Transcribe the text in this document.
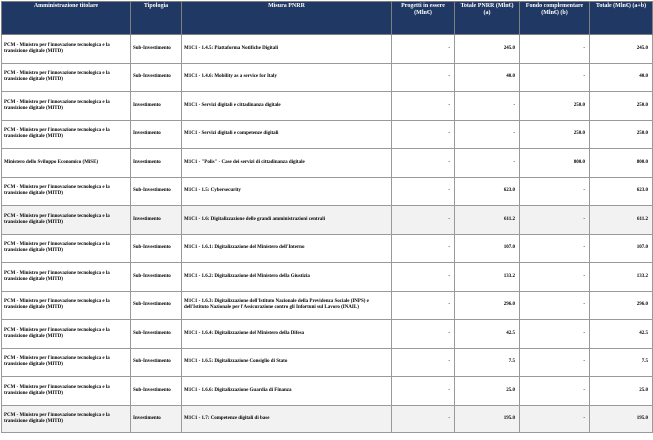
Amministrazione titolare	Tipologia	Misura PNRR	Progetti in essere (Mln€)	Totale PNRR (Mln€) (a)	Fondo complementare (Mln€) (b)	Totale (Mln€) (a+b)
PCM - Ministro per l'innovazione tecnologica e la transizione digitale (MITD)	Sub-Investimento	M1C1 - 1.4.5: Piattaforma Notifiche Digitali	-	245.0	-	245.0
PCM - Ministro per l'innovazione tecnologica e la transizione digitale (MITD)	Sub-Investimento	M1C1 - 1.4.6: Mobility as a service for Italy	-	40.0	-	40.0
PCM - Ministro per l'innovazione tecnologica e la transizione digitale (MITD)	Investimento	M1C1 - Servizi digitali e cittadinanza digitale	-	-	250.0	250.0
PCM - Ministro per l'innovazione tecnologica e la transizione digitale (MITD)	Investimento	M1C1 - Servizi digitali e competenze digitali	-	-	250.0	250.0
Ministero dello Sviluppo Economico (MiSE)	Investimento	M1C1 - "Polis" - Case dei servizi di cittadinanza digitale	-	-	800.0	800.0
PCM - Ministro per l'innovazione tecnologica e la transizione digitale (MITD)	Sub-Investimento	M1C1 - 1.5: Cybersecurity	-	623.0	-	623.0
PCM - Ministro per l'innovazione tecnologica e la transizione digitale (MITD)	Investimento	M1C1 - 1.6: Digitalizzazione delle grandi amministrazioni centrali	-	611.2	-	611.2
PCM - Ministro per l'innovazione tecnologica e la transizione digitale (MITD)	Sub-Investimento	M1C1 - 1.6.1: Digitalizzazione del Ministero dell'Interno	-	107.0	-	107.0
PCM - Ministro per l'innovazione tecnologica e la transizione digitale (MITD)	Sub-Investimento	M1C1 - 1.6.2: Digitalizzazione del Ministero della Giustizia	-	133.2	-	133.2
PCM - Ministro per l'innovazione tecnologica e la transizione digitale (MITD)	Sub-Investimento	M1C1 - 1.6.3: Digitalizzazione dell'Istituto Nazionale della Previdenza Sociale (INPS) e dell'Istituto Nazionale per l'Assicurazione contro gli Infortuni sul Lavoro (INAIL)	-	296.0	-	296.0
PCM - Ministro per l'innovazione tecnologica e la transizione digitale (MITD)	Sub-Investimento	M1C1 - 1.6.4: Digitalizzazione del Ministero della Difesa	-	42.5	-	42.5
PCM - Ministro per l'innovazione tecnologica e la transizione digitale (MITD)	Sub-Investimento	M1C1 - 1.6.5: Digitalizzazione Consiglio di Stato	-	7.5	-	7.5
PCM - Ministro per l'innovazione tecnologica e la transizione digitale (MITD)	Sub-Investimento	M1C1 - 1.6.6: Digitalizzazione Guardia di Finanza	-	25.0	-	25.0
PCM - Ministro per l'innovazione tecnologica e la transizione digitale (MITD)	Investimento	M1C1 - 1.7: Competenze digitali di base	-	195.0	-	195.0
